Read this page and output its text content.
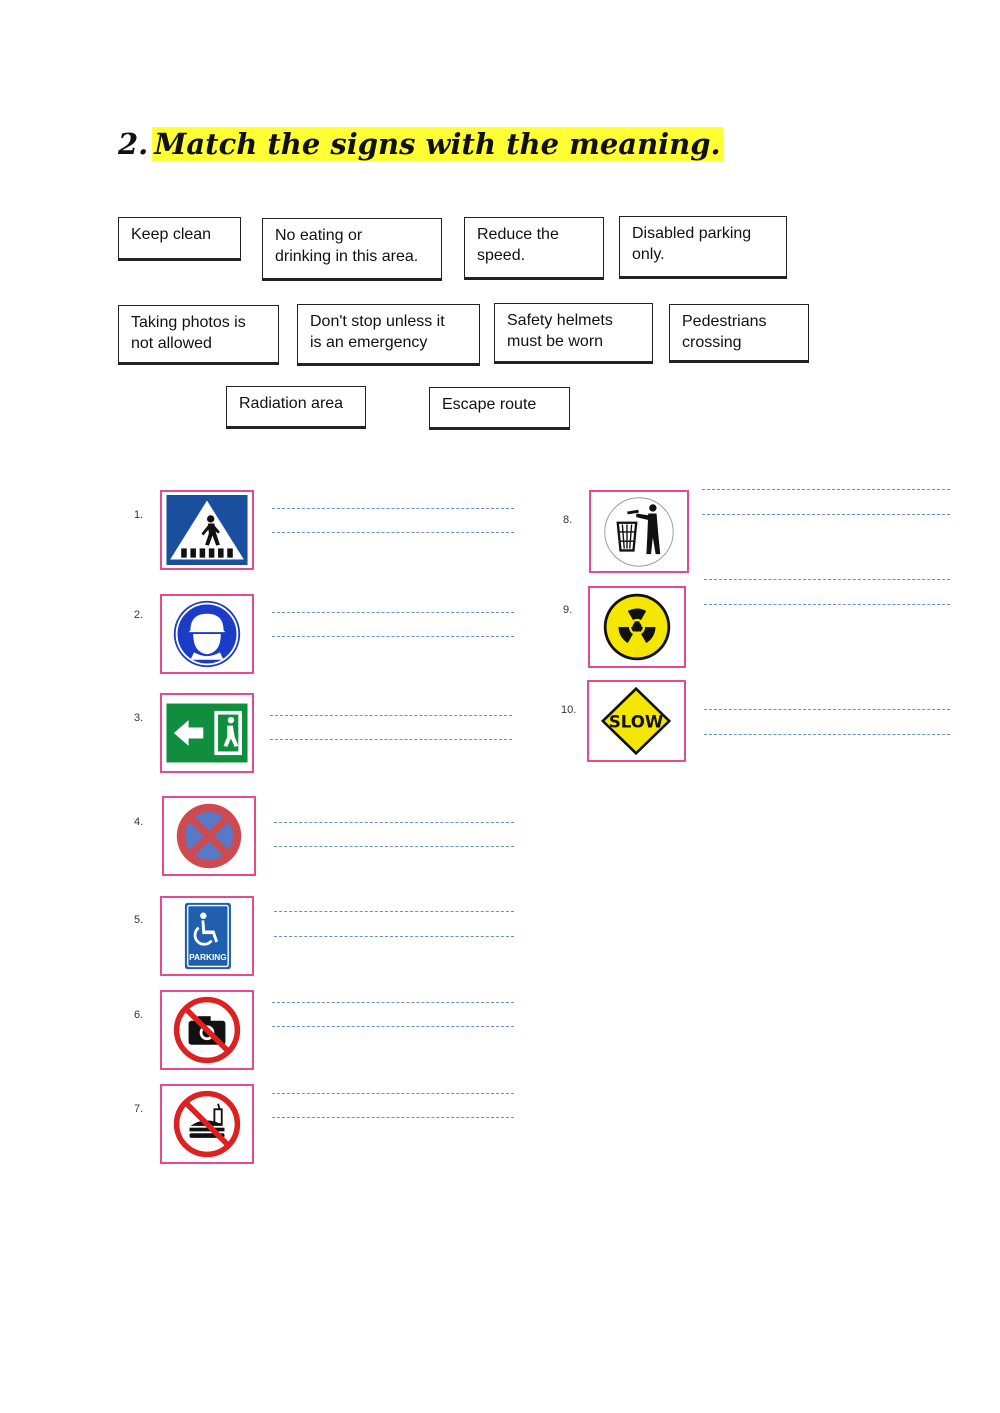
2. Match the signs with the meaning.
Keep clean	No eating or
drinking in this area.
Reduce the
speed.
Disabled parking
only.
Taking photos is
not allowed
Don't stop unless it
is an emergency
Safety helmets
must be worn
Pedestrians
crossing
Radiation area	Escape route
1.
2.
3.
4.
5.
PARKING
6.
7.
8.
9.
10.
SLOW
